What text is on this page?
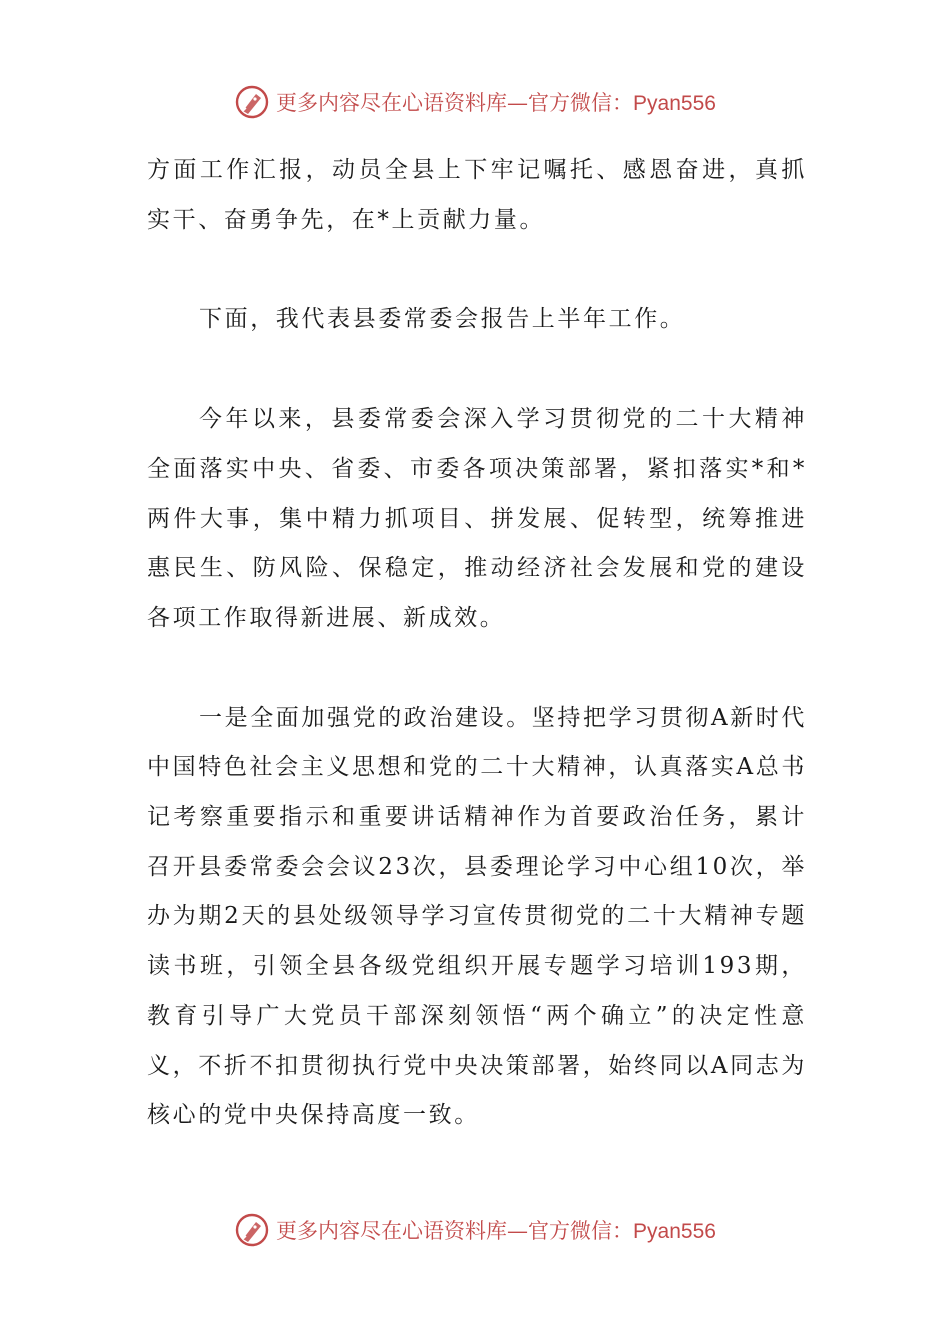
更多内容尽在心语资料库—官方微信：Pyan556

方面工作汇报，动员全县上下牢记嘱托、感恩奋进，真抓实干、奋勇争先，在*上贡献力量。

下面，我代表县委常委会报告上半年工作。

今年以来，县委常委会深入学习贯彻党的二十大精神全面落实中央、省委、市委各项决策部署，紧扣落实*和*两件大事，集中精力抓项目、拼发展、促转型，统筹推进惠民生、防风险、保稳定，推动经济社会发展和党的建设各项工作取得新进展、新成效。

一是全面加强党的政治建设。坚持把学习贯彻A新时代中国特色社会主义思想和党的二十大精神，认真落实A总书记考察重要指示和重要讲话精神作为首要政治任务，累计召开县委常委会会议23次，县委理论学习中心组10次，举办为期2天的县处级领导学习宣传贯彻党的二十大精神专题读书班，引领全县各级党组织开展专题学习培训193期，教育引导广大党员干部深刻领悟“两个确立”的决定性意义，不折不扣贯彻执行党中央决策部署，始终同以A同志为核心的党中央保持高度一致。

更多内容尽在心语资料库—官方微信：Pyan556
